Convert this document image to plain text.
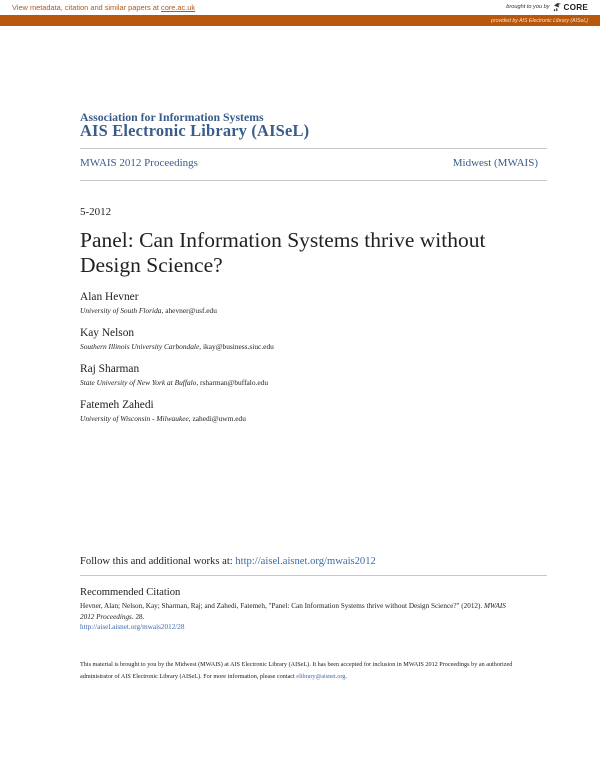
View metadata, citation and similar papers at core.ac.uk	brought to you by CORE
provided by AIS Electronic Library (AISeL)
Association for Information Systems
AIS Electronic Library (AISeL)
MWAIS 2012 Proceedings	Midwest (MWAIS)
5-2012
Panel: Can Information Systems thrive without Design Science?
Alan Hevner
University of South Florida, ahevner@usf.edu
Kay Nelson
Southern Illinois University Carbondale, ikay@business.siuc.edu
Raj Sharman
State University of New York at Buffalo, rsharman@buffalo.edu
Fatemeh Zahedi
University of Wisconsin - Milwaukee, zahedi@uwm.edu
Follow this and additional works at: http://aisel.aisnet.org/mwais2012
Recommended Citation
Hevner, Alan; Nelson, Kay; Sharman, Raj; and Zahedi, Fatemeh, "Panel: Can Information Systems thrive without Design Science?" (2012). MWAIS 2012 Proceedings. 28.
http://aisel.aisnet.org/mwais2012/28
This material is brought to you by the Midwest (MWAIS) at AIS Electronic Library (AISeL). It has been accepted for inclusion in MWAIS 2012 Proceedings by an authorized administrator of AIS Electronic Library (AISeL). For more information, please contact elibrary@aisnet.org.
